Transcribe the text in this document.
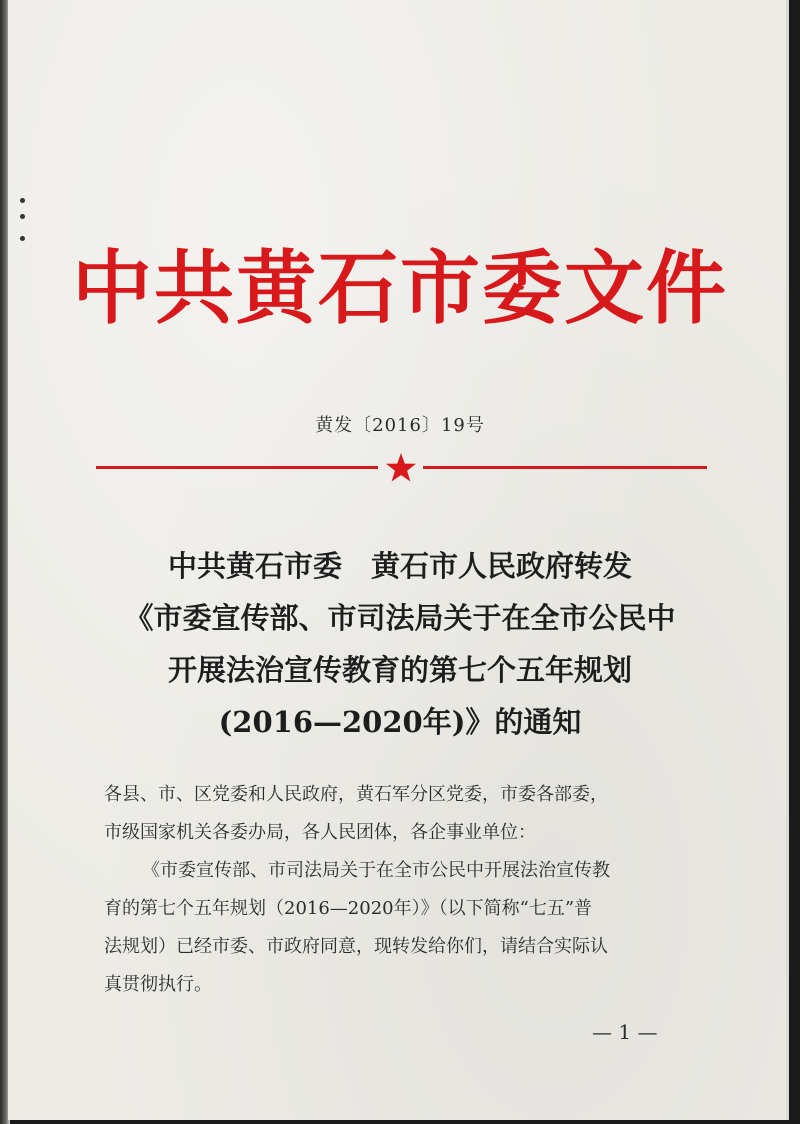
中共黄石市委文件
黄发〔2016〕19号
中共黄石市委　黄石市人民政府转发
《市委宣传部、市司法局关于在全市公民中
开展法治宣传教育的第七个五年规划
(2016—2020年)》的通知

各县、市、区党委和人民政府，黄石军分区党委，市委各部委，
市级国家机关各委办局，各人民团体，各企事业单位：

《市委宣传部、市司法局关于在全市公民中开展法治宣传教
育的第七个五年规划（2016—2020年）》（以下简称“七五”普
法规划）已经市委、市政府同意，现转发给你们，请结合实际认
真贯彻执行。

— 1 —
